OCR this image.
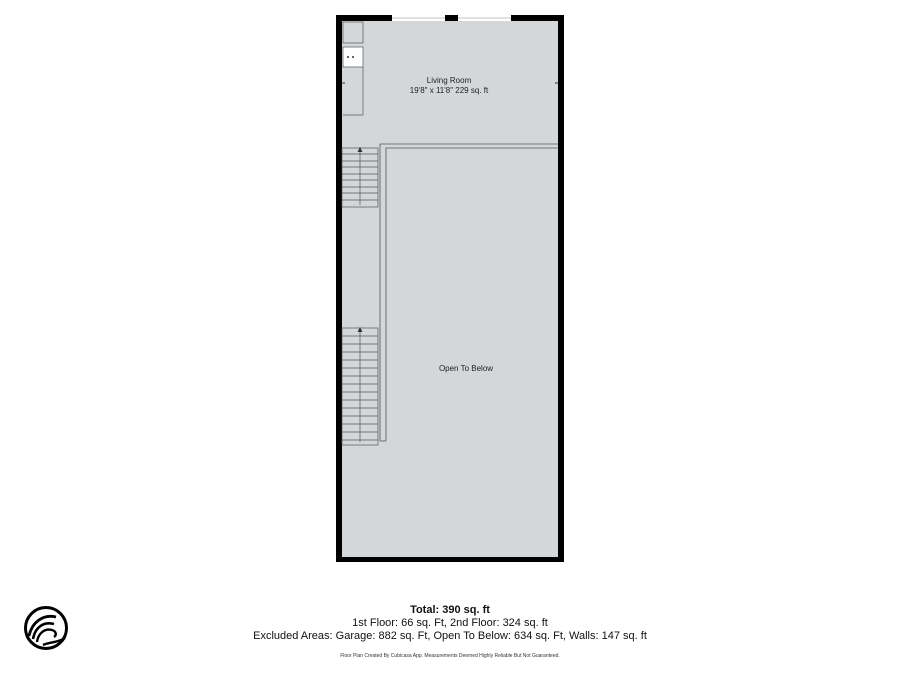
Living Room
19'8" x 11'8" 229 sq. ft
Open To Below
Total: 390 sq. ft
1st Floor: 66 sq. Ft, 2nd Floor: 324 sq. ft
Excluded Areas: Garage: 882 sq. Ft, Open To Below: 634 sq. Ft, Walls: 147 sq. ft
Floor Plan Created By Cubicasa App. Measurements Deemed Highly Reliable But Not Guaranteed.
